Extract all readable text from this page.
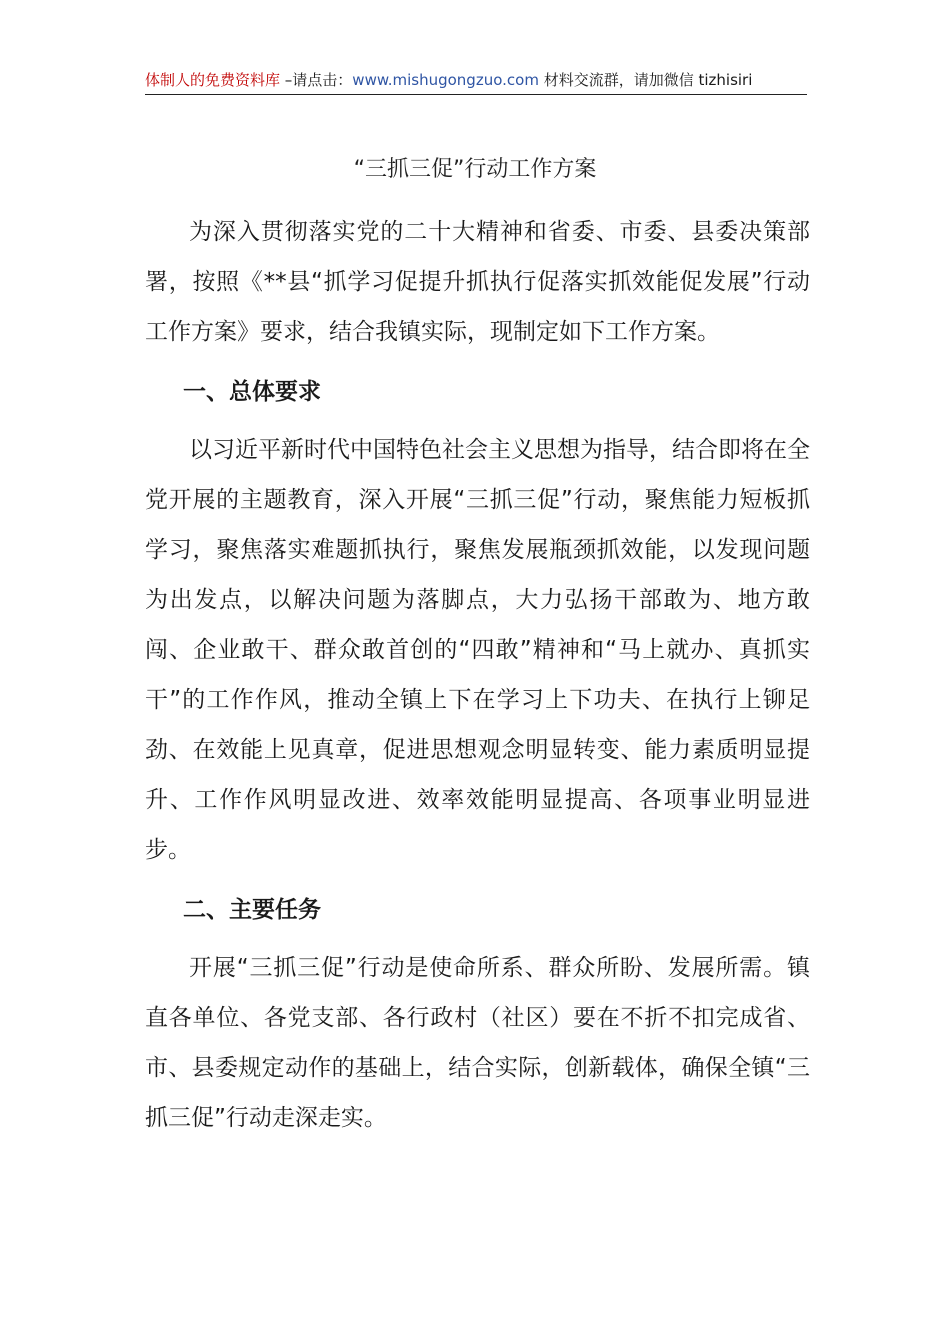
体制人的免费资料库 –请点击：www.mishugongzuo.com 材料交流群，请加微信 tizhisiri
“三抓三促”行动工作方案

为深入贯彻落实党的二十大精神和省委、市委、县委决策部署，按照《**县“抓学习促提升抓执行促落实抓效能促发展”行动工作方案》要求，结合我镇实际，现制定如下工作方案。

一、总体要求

以习近平新时代中国特色社会主义思想为指导，结合即将在全党开展的主题教育，深入开展“三抓三促”行动，聚焦能力短板抓学习，聚焦落实难题抓执行，聚焦发展瓶颈抓效能，以发现问题为出发点，以解决问题为落脚点，大力弘扬干部敢为、地方敢闯、企业敢干、群众敢首创的“四敢”精神和“马上就办、真抓实干”的工作作风，推动全镇上下在学习上下功夫、在执行上铆足劲、在效能上见真章，促进思想观念明显转变、能力素质明显提升、工作作风明显改进、效率效能明显提高、各项事业明显进步。

二、主要任务

开展“三抓三促”行动是使命所系、群众所盼、发展所需。镇直各单位、各党支部、各行政村（社区）要在不折不扣完成省、市、县委规定动作的基础上，结合实际，创新载体，确保全镇“三抓三促”行动走深走实。
